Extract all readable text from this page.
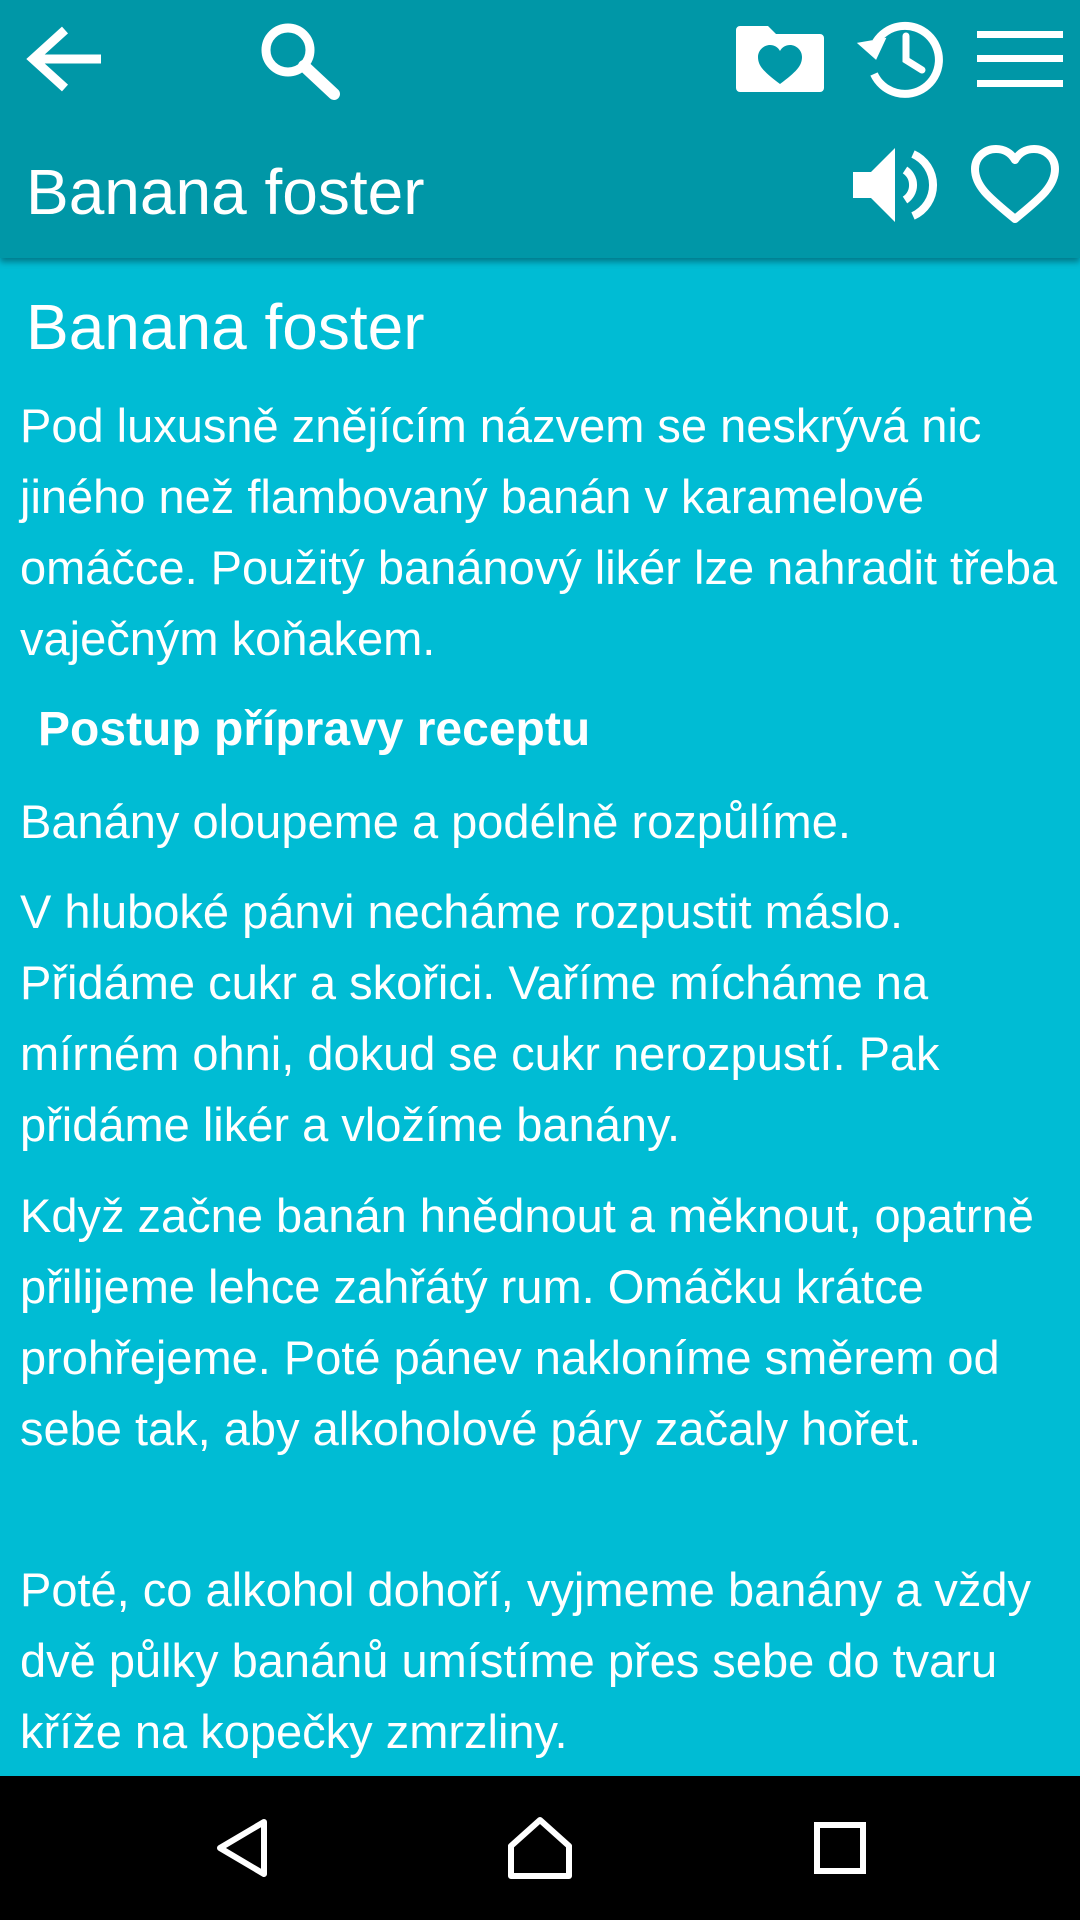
Banana foster
Banana foster

Pod luxusně znějícím názvem se neskrývá nic jiného než flambovaný banán v karamelové omáčce. Použitý banánový likér lze nahradit třeba vaječným koňakem.

Postup přípravy receptu

Banány oloupeme a podélně rozpůlíme.

V hluboké pánvi necháme rozpustit máslo. Přidáme cukr a skořici. Vaříme mícháme na mírném ohni, dokud se cukr nerozpustí. Pak přidáme likér a vložíme banány.

Když začne banán hnědnout a měknout, opatrně přilijeme lehce zahřátý rum. Omáčku krátce prohřejeme. Poté pánev nakloníme směrem od sebe tak, aby alkoholové páry začaly hořet.

Poté, co alkohol dohoří, vyjmeme banány a vždy dvě půlky banánů umístíme přes sebe do tvaru kříže na kopečky zmrzliny.
